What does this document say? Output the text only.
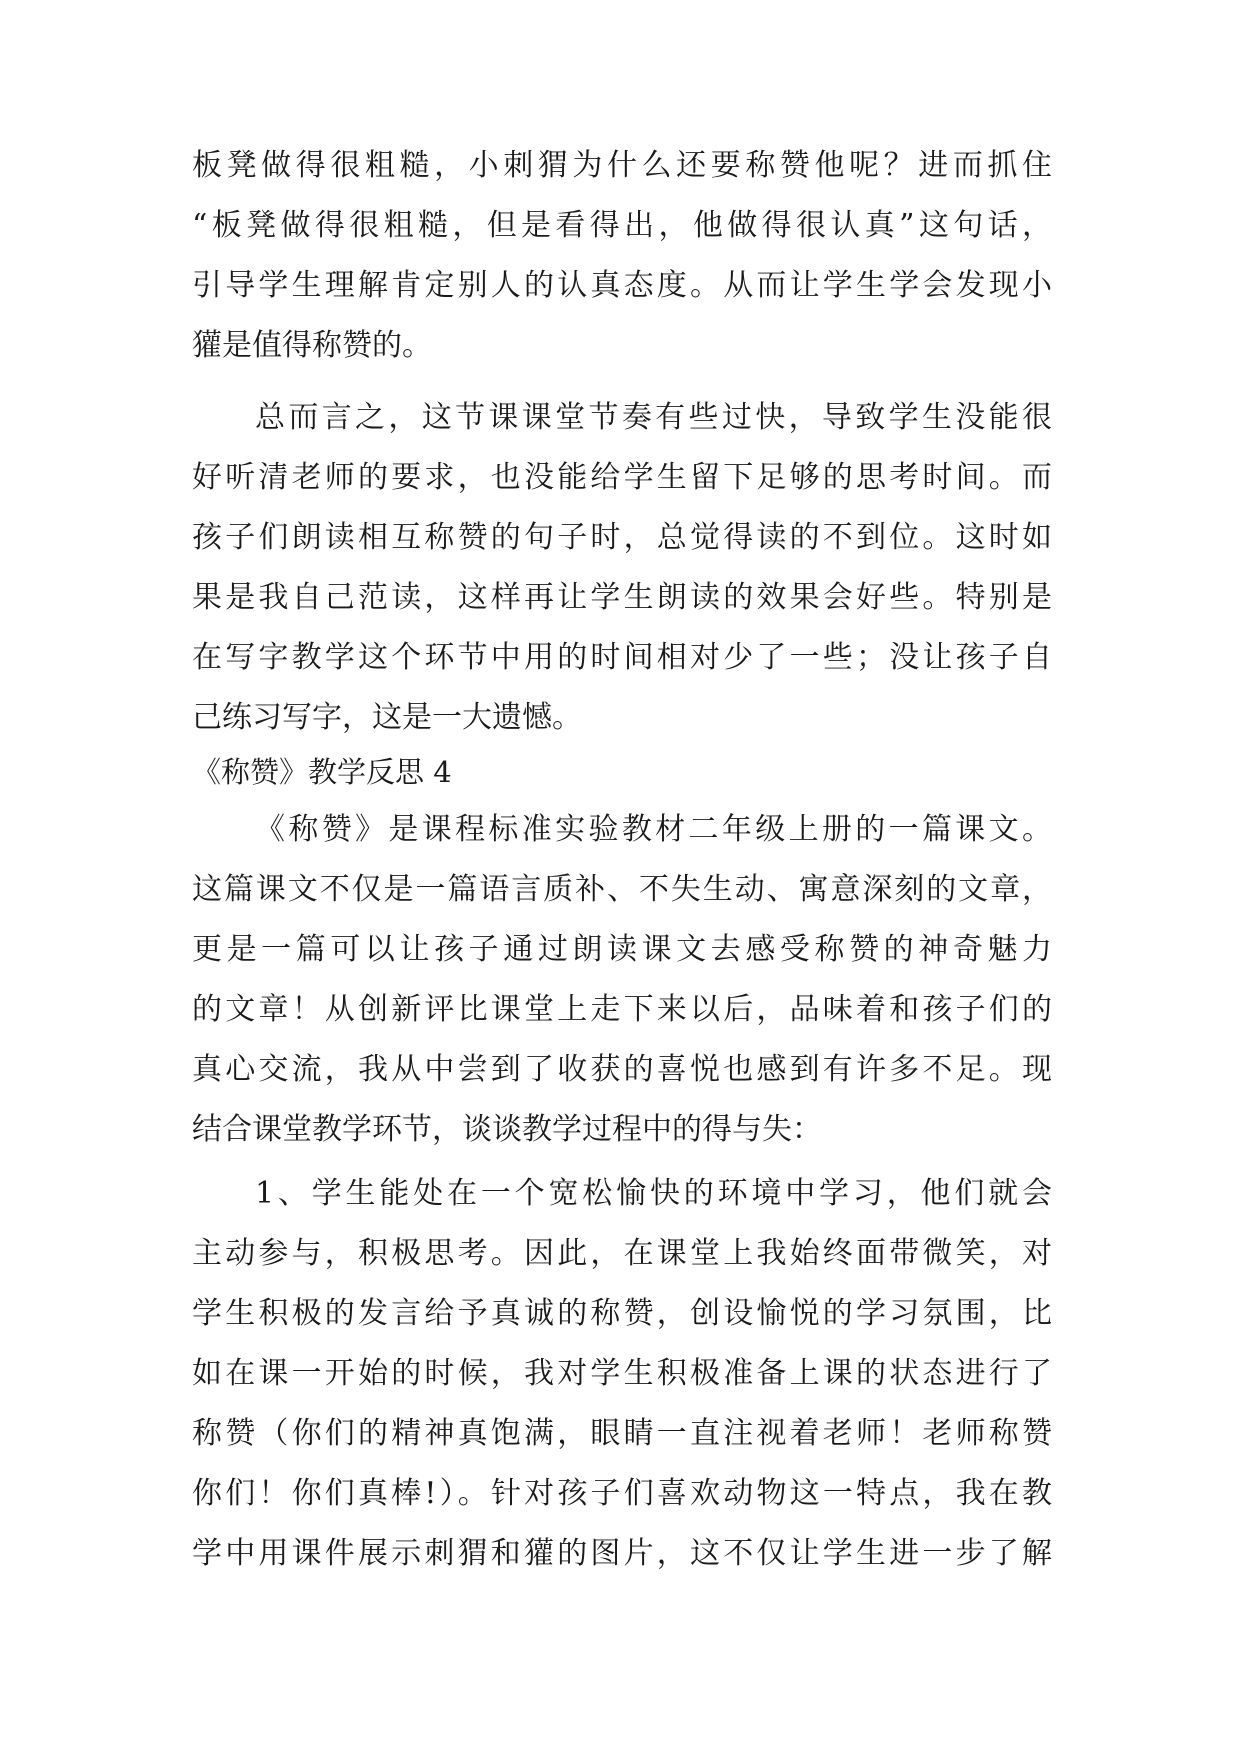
板凳做得很粗糙，小刺猬为什么还要称赞他呢？进而抓住
“板凳做得很粗糙，但是看得出，他做得很认真”这句话，
引导学生理解肯定别人的认真态度。从而让学生学会发现小
獾是值得称赞的。
总而言之，这节课课堂节奏有些过快，导致学生没能很
好听清老师的要求，也没能给学生留下足够的思考时间。而
孩子们朗读相互称赞的句子时，总觉得读的不到位。这时如
果是我自己范读，这样再让学生朗读的效果会好些。特别是
在写字教学这个环节中用的时间相对少了一些；没让孩子自
己练习写字，这是一大遗憾。
《称赞》教学反思 4
《称赞》是课程标准实验教材二年级上册的一篇课文。
这篇课文不仅是一篇语言质补、不失生动、寓意深刻的文章，
更是一篇可以让孩子通过朗读课文去感受称赞的神奇魅力
的文章！从创新评比课堂上走下来以后，品味着和孩子们的
真心交流，我从中尝到了收获的喜悦也感到有许多不足。现
结合课堂教学环节，谈谈教学过程中的得与失：
1、学生能处在一个宽松愉快的环境中学习，他们就会
主动参与，积极思考。因此，在课堂上我始终面带微笑，对
学生积极的发言给予真诚的称赞，创设愉悦的学习氛围，比
如在课一开始的时候，我对学生积极准备上课的状态进行了
称赞（你们的精神真饱满，眼睛一直注视着老师！老师称赞
你们！你们真棒!）。针对孩子们喜欢动物这一特点，我在教
学中用课件展示刺猬和獾的图片，这不仅让学生进一步了解
